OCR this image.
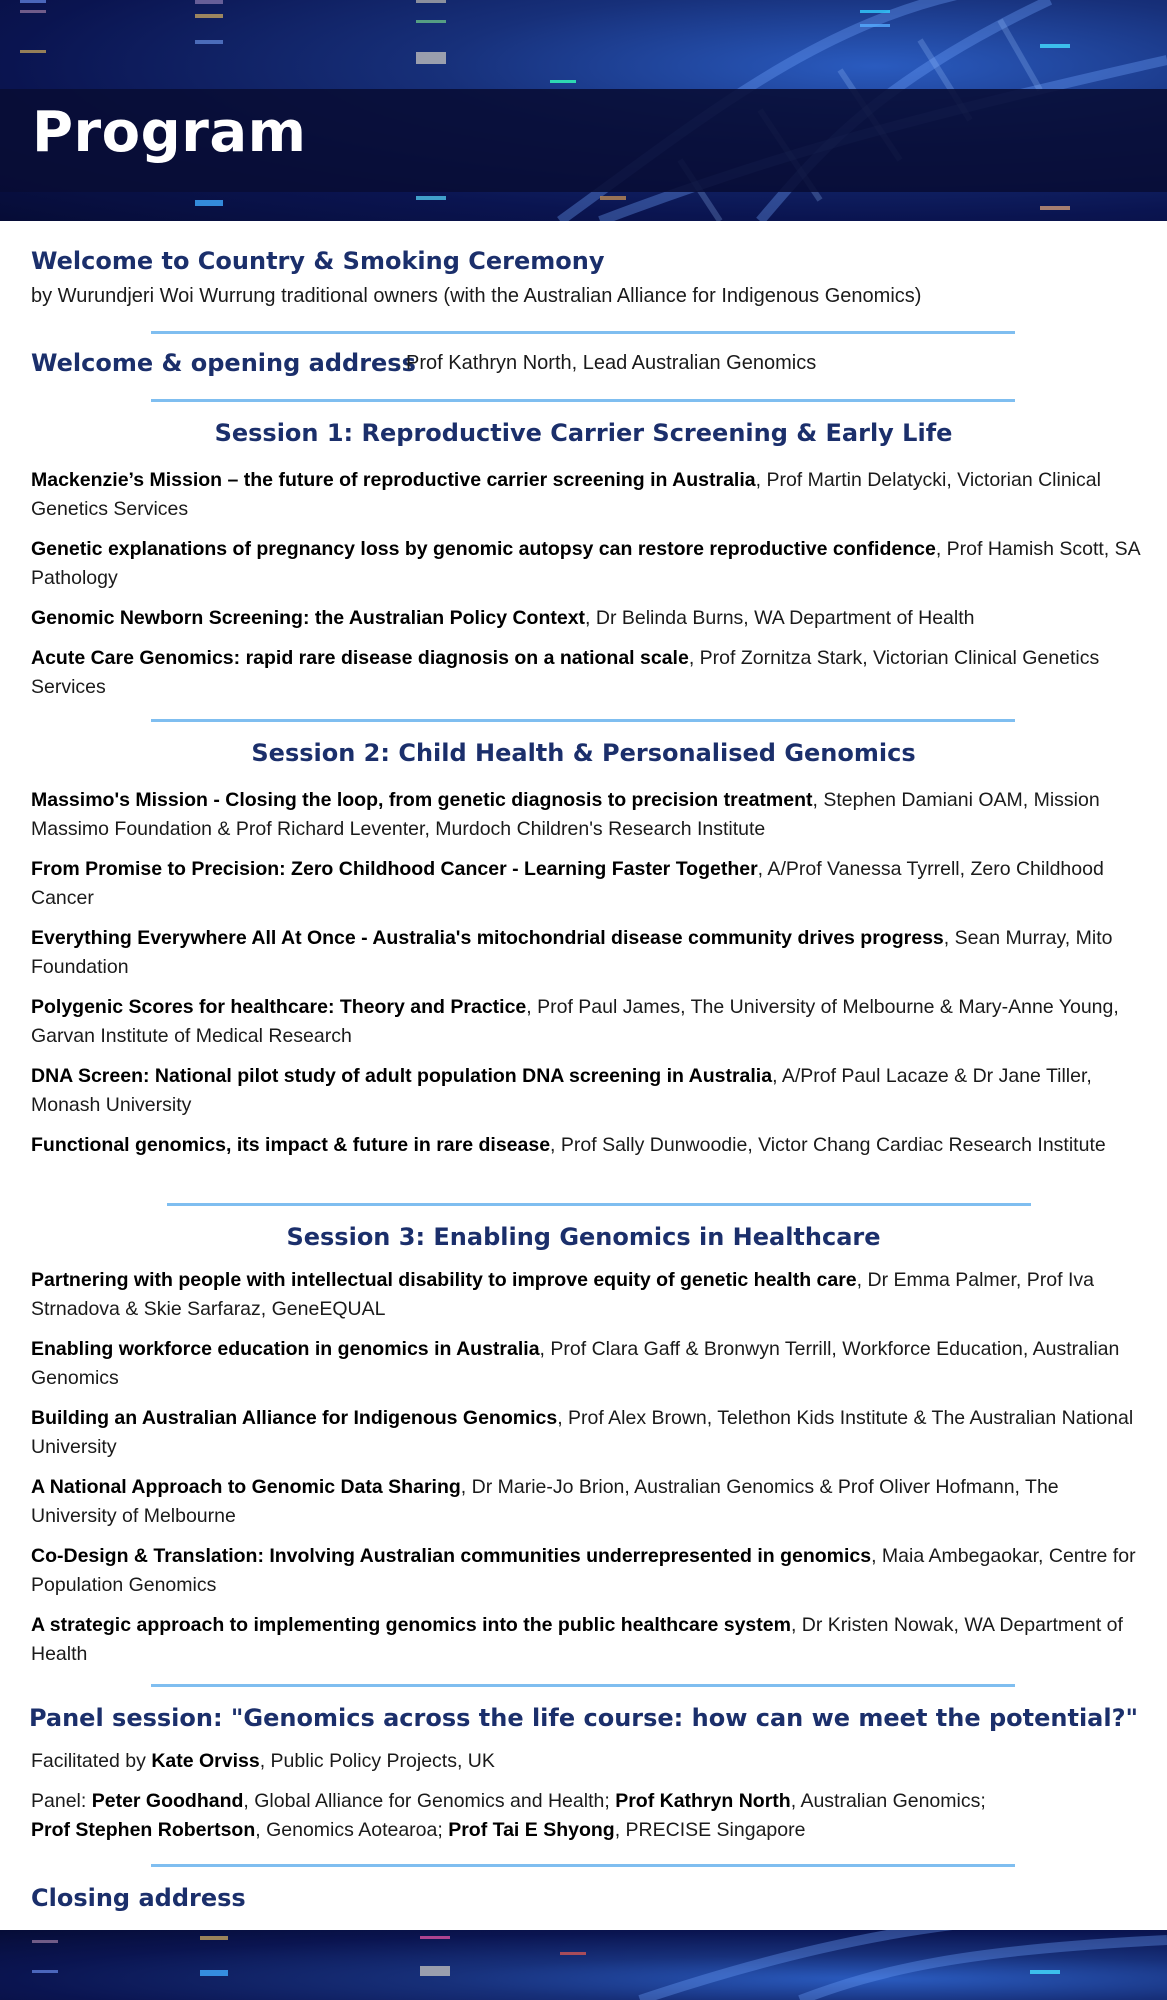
Program
Welcome to Country & Smoking Ceremony
by Wurundjeri Woi Wurrung traditional owners (with the Australian Alliance for Indigenous Genomics)
Welcome & opening address
Prof Kathryn North, Lead Australian Genomics
Session 1: Reproductive Carrier Screening & Early Life
Mackenzie’s Mission – the future of reproductive carrier screening in Australia, Prof Martin Delatycki, Victorian Clinical Genetics Services
Genetic explanations of pregnancy loss by genomic autopsy can restore reproductive confidence, Prof Hamish Scott, SA Pathology
Genomic Newborn Screening: the Australian Policy Context, Dr Belinda Burns, WA Department of Health
Acute Care Genomics: rapid rare disease diagnosis on a national scale, Prof Zornitza Stark, Victorian Clinical Genetics Services
Session 2: Child Health & Personalised Genomics
Massimo's Mission - Closing the loop, from genetic diagnosis to precision treatment, Stephen Damiani OAM, Mission Massimo Foundation & Prof Richard Leventer, Murdoch Children's Research Institute
From Promise to Precision: Zero Childhood Cancer - Learning Faster Together, A/Prof Vanessa Tyrrell, Zero Childhood Cancer
Everything Everywhere All At Once - Australia's mitochondrial disease community drives progress, Sean Murray, Mito Foundation
Polygenic Scores for healthcare: Theory and Practice, Prof Paul James, The University of Melbourne & Mary-Anne Young, Garvan Institute of Medical Research
DNA Screen: National pilot study of adult population DNA screening in Australia, A/Prof Paul Lacaze & Dr Jane Tiller, Monash University
Functional genomics, its impact & future in rare disease, Prof Sally Dunwoodie, Victor Chang Cardiac Research Institute
Session 3: Enabling Genomics in Healthcare
Partnering with people with intellectual disability to improve equity of genetic health care, Dr Emma Palmer, Prof Iva Strnadova & Skie Sarfaraz, GeneEQUAL
Enabling workforce education in genomics in Australia, Prof Clara Gaff & Bronwyn Terrill, Workforce Education, Australian Genomics
Building an Australian Alliance for Indigenous Genomics, Prof Alex Brown, Telethon Kids Institute & The Australian National University
A National Approach to Genomic Data Sharing, Dr Marie-Jo Brion, Australian Genomics & Prof Oliver Hofmann, The University of Melbourne
Co-Design & Translation: Involving Australian communities underrepresented in genomics, Maia Ambegaokar, Centre for Population Genomics
A strategic approach to implementing genomics into the public healthcare system, Dr Kristen Nowak, WA Department of Health
Panel session: "Genomics across the life course: how can we meet the potential?"
Facilitated by Kate Orviss, Public Policy Projects, UK
Panel: Peter Goodhand, Global Alliance for Genomics and Health; Prof Kathryn North, Australian Genomics;
Prof Stephen Robertson, Genomics Aotearoa; Prof Tai E Shyong, PRECISE Singapore
Closing address
